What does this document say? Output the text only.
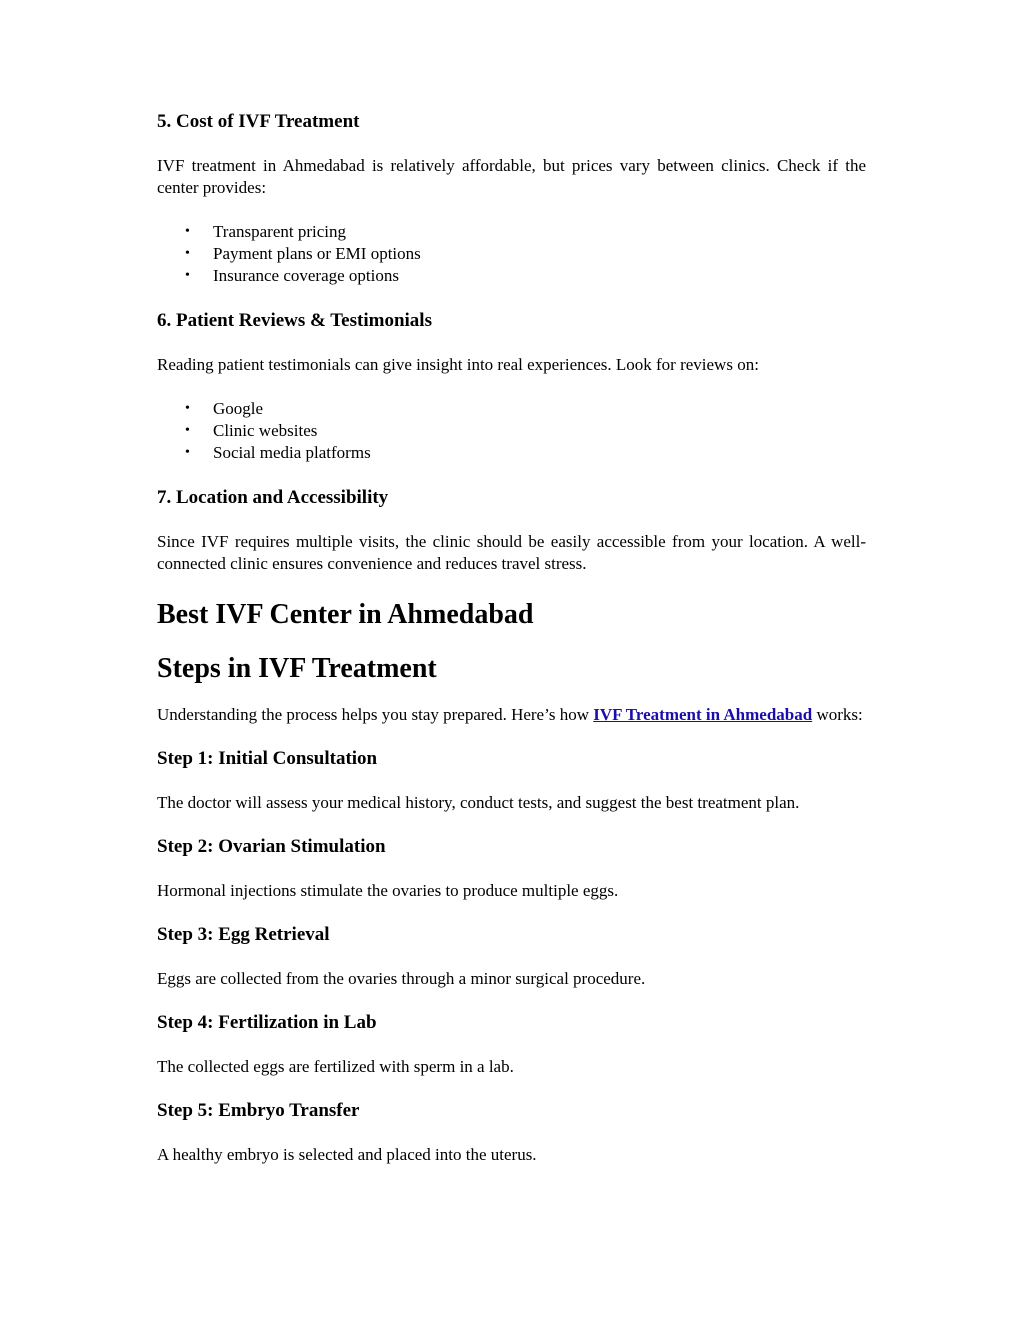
5. Cost of IVF Treatment

IVF treatment in Ahmedabad is relatively affordable, but prices vary between clinics. Check if the center provides:

• Transparent pricing
• Payment plans or EMI options
• Insurance coverage options
6. Patient Reviews & Testimonials

Reading patient testimonials can give insight into real experiences. Look for reviews on:

• Google
• Clinic websites
• Social media platforms
7. Location and Accessibility

Since IVF requires multiple visits, the clinic should be easily accessible from your location. A well-connected clinic ensures convenience and reduces travel stress.

Best IVF Center in Ahmedabad
Steps in IVF Treatment

Understanding the process helps you stay prepared. Here’s how IVF Treatment in Ahmedabad works:

Step 1: Initial Consultation

The doctor will assess your medical history, conduct tests, and suggest the best treatment plan.

Step 2: Ovarian Stimulation

Hormonal injections stimulate the ovaries to produce multiple eggs.

Step 3: Egg Retrieval

Eggs are collected from the ovaries through a minor surgical procedure.

Step 4: Fertilization in Lab

The collected eggs are fertilized with sperm in a lab.

Step 5: Embryo Transfer

A healthy embryo is selected and placed into the uterus.
